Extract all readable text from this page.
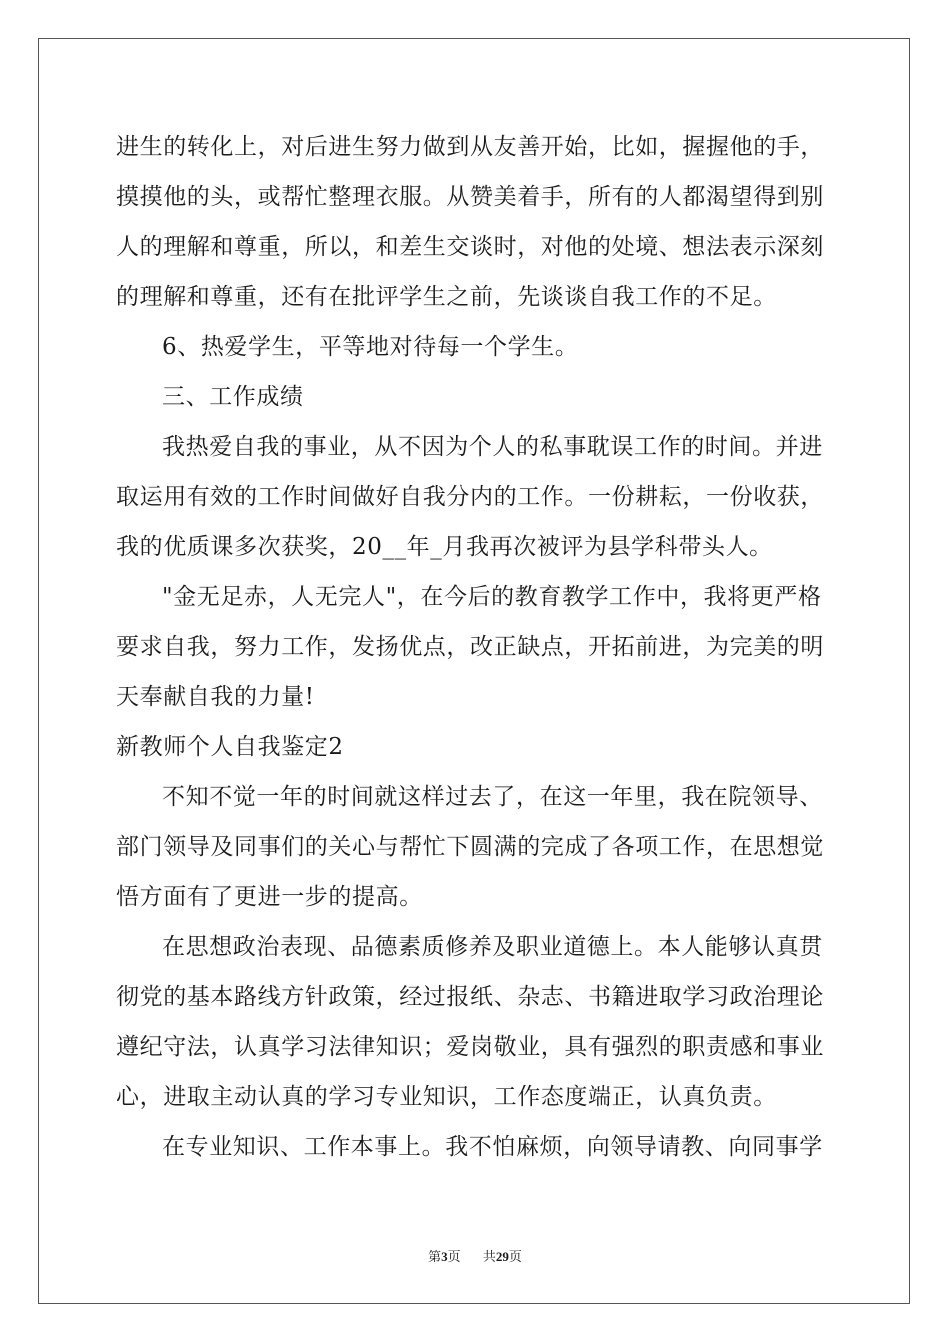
进生的转化上，对后进生努力做到从友善开始，比如，握握他的手，

摸摸他的头，或帮忙整理衣服。从赞美着手，所有的人都渴望得到别

人的理解和尊重，所以，和差生交谈时，对他的处境、想法表示深刻

的理解和尊重，还有在批评学生之前，先谈谈自我工作的不足。

6、热爱学生，平等地对待每一个学生。

三、工作成绩

我热爱自我的事业，从不因为个人的私事耽误工作的时间。并进

取运用有效的工作时间做好自我分内的工作。一份耕耘，一份收获，

我的优质课多次获奖，20__年_月我再次被评为县学科带头人。

"金无足赤，人无完人"，在今后的教育教学工作中，我将更严格

要求自我，努力工作，发扬优点，改正缺点，开拓前进，为完美的明

天奉献自我的力量!

新教师个人自我鉴定2

不知不觉一年的时间就这样过去了，在这一年里，我在院领导、

部门领导及同事们的关心与帮忙下圆满的完成了各项工作，在思想觉

悟方面有了更进一步的提高。

在思想政治表现、品德素质修养及职业道德上。本人能够认真贯

彻党的基本路线方针政策，经过报纸、杂志、书籍进取学习政治理论

遵纪守法，认真学习法律知识；爱岗敬业，具有强烈的职责感和事业

心，进取主动认真的学习专业知识，工作态度端正，认真负责。

在专业知识、工作本事上。我不怕麻烦，向领导请教、向同事学

第3页 共29页
